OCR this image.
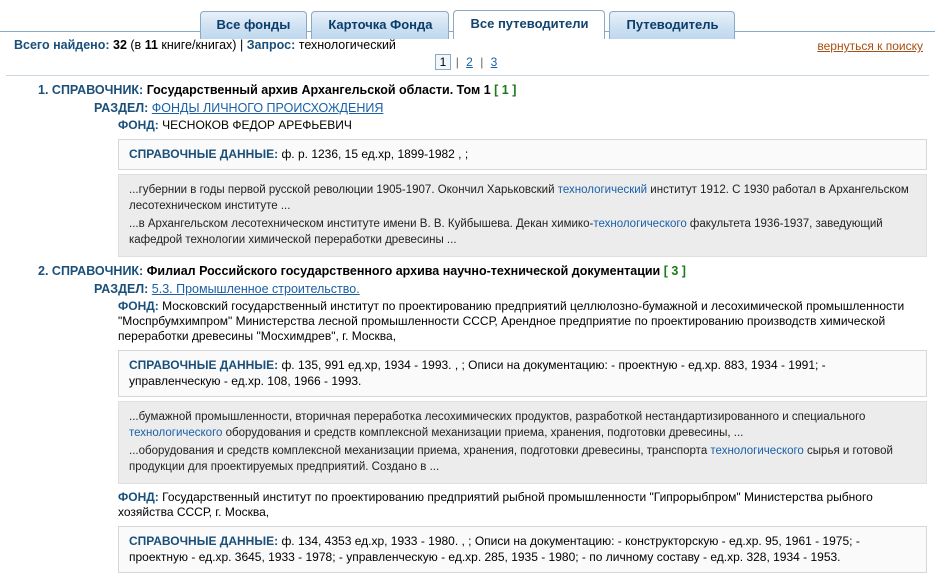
Все фонды	Карточка Фонда	Все путеводители	Путеводитель
Всего найдено: 32 (в 11 книге/книгах) | Запрос: технологический	вернуться к поиску
1 | 2 | 3
1. СПРАВОЧНИК: Государственный архив Архангельской области. Том 1 [ 1 ]
РАЗДЕЛ: ФОНДЫ ЛИЧНОГО ПРОИСХОЖДЕНИЯ
ФОНД: ЧЕСНОКОВ ФЕДОР АРЕФЬЕВИЧ
СПРАВОЧНЫЕ ДАННЫЕ: ф. р. 1236, 15 ед.хр, 1899-1982 , ;
...губернии в годы первой русской революции 1905-1907. Окончил Харьковский технологический институт 1912. С 1930 работал в Архангельском лесотехническом институте ...
...в Архангельском лесотехническом институте имени В. В. Куйбышева. Декан химико-технологического факультета 1936-1937, заведующий кафедрой технологии химической переработки древесины ...
2. СПРАВОЧНИК: Филиал Российского государственного архива научно-технической документации [ 3 ]
РАЗДЕЛ: 5.3. Промышленное строительство.
ФОНД: Московский государственный институт по проектированию предприятий целлюлозно-бумажной и лесохимической промышленности "Моспрбумхимпром" Министерства лесной промышленности СССР, Арендное предприятие по проектированию производств химической переработки древесины "Мосхимдрев", г. Москва,
СПРАВОЧНЫЕ ДАННЫЕ: ф. 135, 991 ед.хр, 1934 - 1993. , ; Описи на документацию: - проектную - ед.хр. 883, 1934 - 1991; - управленческую - ед.хр. 108, 1966 - 1993.
...бумажной промышленности, вторичная переработка лесохимических продуктов, разработкой нестандартизированного и специального технологического оборудования и средств комплексной механизации приема, хранения, подготовки древесины, ...
...оборудования и средств комплексной механизации приема, хранения, подготовки древесины, транспорта технологического сырья и готовой продукции для проектируемых предприятий. Создано в ...
ФОНД: Государственный институт по проектированию предприятий рыбной промышленности "Гипрорыбпром" Министерства рыбного хозяйства СССР, г. Москва,
СПРАВОЧНЫЕ ДАННЫЕ: ф. 134, 4353 ед.хр, 1933 - 1980. , ; Описи на документацию: - конструкторскую - ед.хр. 95, 1961 - 1975; - проектную - ед.хр. 3645, 1933 - 1978; - управленческую - ед.хр. 285, 1935 - 1980; - по личному составу - ед.хр. 328, 1934 - 1953.
